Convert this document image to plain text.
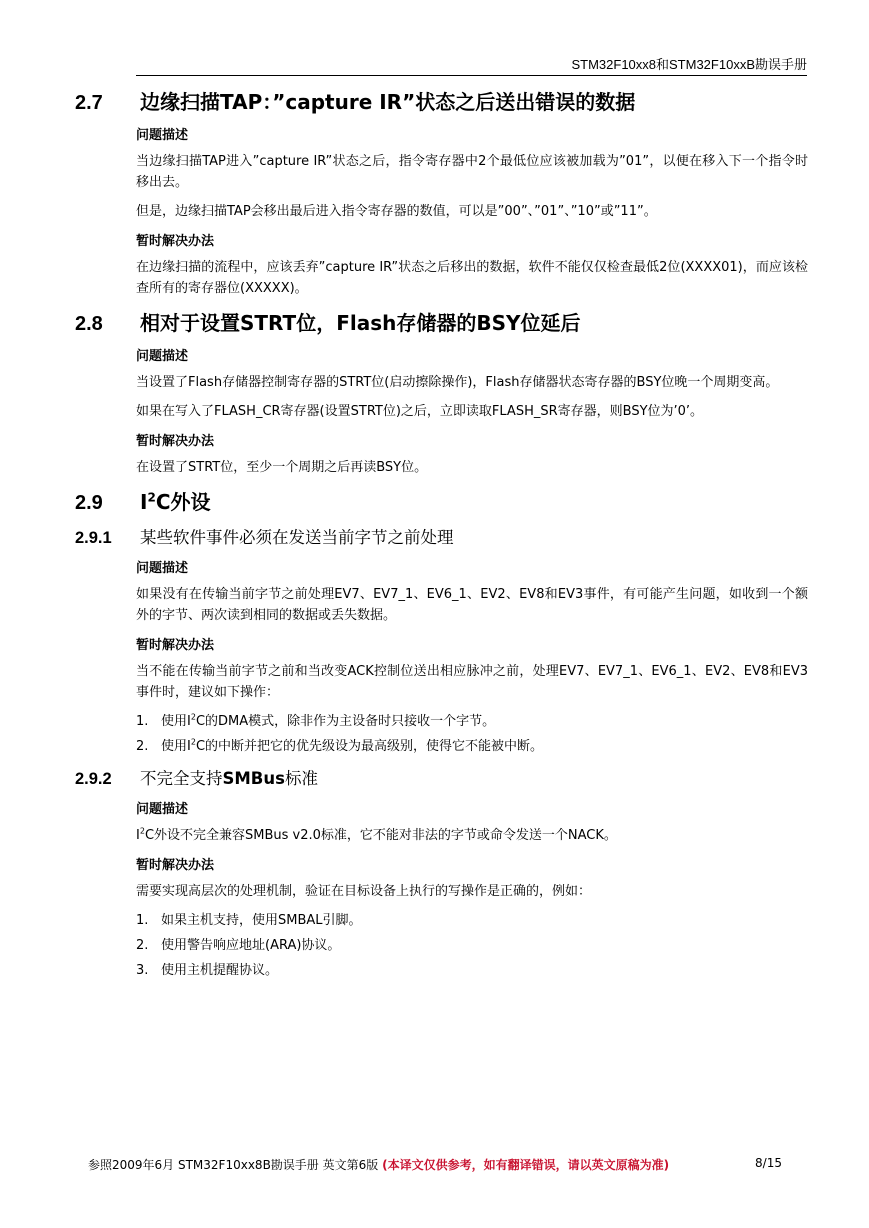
STM32F10xx8和STM32F10xxB勘误手册
2.7	边缘扫描TAP：”capture IR”状态之后送出错误的数据
问题描述

当边缘扫描TAP进入”capture IR”状态之后，指令寄存器中2个最低位应该被加载为”01”，以便在移入下一个指令时移出去。

但是，边缘扫描TAP会移出最后进入指令寄存器的数值，可以是”00”、”01”、”10”或”11”。

暂时解决办法

在边缘扫描的流程中，应该丢弃”capture IR”状态之后移出的数据，软件不能仅仅检查最低2位(XXXX01)，而应该检查所有的寄存器位(XXXXX)。

2.8	相对于设置STRT位，Flash存储器的BSY位延后
问题描述

当设置了Flash存储器控制寄存器的STRT位(启动擦除操作)，Flash存储器状态寄存器的BSY位晚一个周期变高。

如果在写入了FLASH_CR寄存器(设置STRT位)之后，立即读取FLASH_SR寄存器，则BSY位为’0’。

暂时解决办法

在设置了STRT位，至少一个周期之后再读BSY位。

2.9	$I^2C$外设
2.9.1	某些软件事件必须在发送当前字节之前处理
问题描述

如果没有在传输当前字节之前处理EV7、EV7_1、EV6_1、EV2、EV8和EV3事件，有可能产生问题，如收到一个额外的字节、两次读到相同的数据或丢失数据。

暂时解决办法

当不能在传输当前字节之前和当改变ACK控制位送出相应脉冲之前，处理EV7、EV7_1、EV6_1、EV2、EV8和EV3事件时，建议如下操作：

1. 使用$I^2C$的DMA模式，除非作为主设备时只接收一个字节。
2. 使用$I^2C$的中断并把它的优先级设为最高级别，使得它不能被中断。
2.9.2	不完全支持SMBus标准
问题描述

$I^2C$外设不完全兼容SMBus v2.0标准，它不能对非法的字节或命令发送一个NACK。

暂时解决办法

需要实现高层次的处理机制，验证在目标设备上执行的写操作是正确的，例如：

1. 如果主机支持，使用SMBAL引脚。
2. 使用警告响应地址(ARA)协议。
3. 使用主机提醒协议。
参照2009年6月 STM32F10xx8B勘误手册 英文第6版 (本译文仅供参考，如有翻译错误，请以英文原稿为准)	8/15
